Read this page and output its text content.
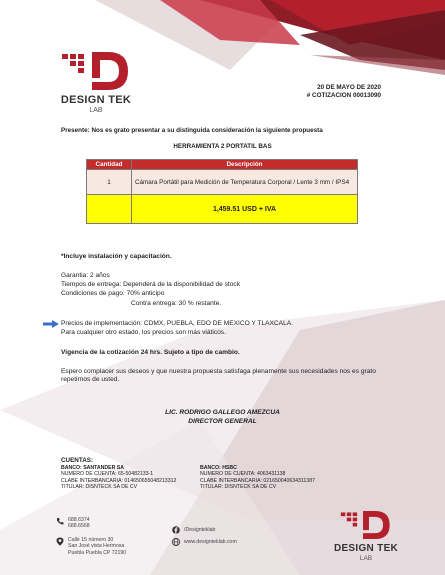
DESIGN TEK
LAB
20 DE MAYO DE 2020
# COTIZACION 00013090
Presente: Nos es grato presentar a su distinguida consideración la siguiente propuesta
HERRAMIENTA 2 PORTATIL BAS
Cantidad	Descripción
1	Cámara Portátil para Medición de Temperatura Corporal / Lente 3 mm / IPS4
	1,459.51 USD + IVA
*Incluye instalación y capacitación.
Garantia: 2 años
Tiempos de entrega: Dependerá de la disponibilidad de stock
Condiciones de pago: 70% anticipo
Contra entrega: 30 % restante.
Precios de implementación: CDMX, PUEBLA, EDO DE MEXICO Y TLAXCALA.
Para cualquier otro estado, los precios son más viáticos.
Vigencia de la cotización 24 hrs. Sujeto a tipo de cambio.
Espero complacer sus deseos y que nuestra propuesta satisfaga plenamente sus necesidades nos es grato repetirnos de usted.
LIC. RODRIGO GALLEGO AMEZCUA
DIRECTOR GENERAL
CUENTAS:
BANCO: SANTANDER SA
NUMERO DE CUENTA: 65-50482133-1
CLABE INTERBANCARIA: 014650655048213312
TITULAR: DISNTECK SA DE CV
BANCO: HSBC
NUMERO DE CUENTA: 4063431138
CLABE INTERBANCARIA: 021650040634311387
TITULAR: DISNTECK SA DE CV
688.6374
688.6568
Calle 15 número 30
San José vista Hermosa
Puebla Puebla CP 72190
/Designteklab
www.designteklab.com
DESIGN TEK
LAB
